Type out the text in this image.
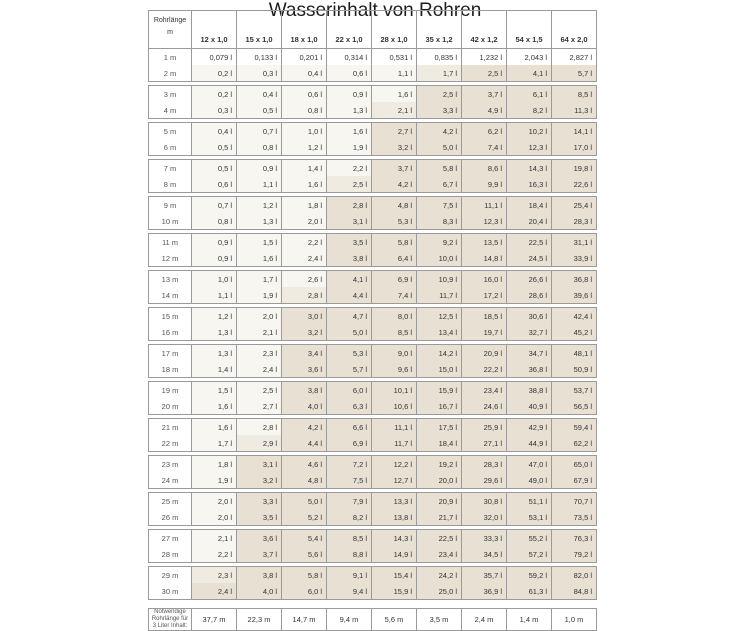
Wasserinhalt von Rohren
Rohrlänge
m	12 x 1,0	15 x 1,0	18 x 1,0	22 x 1,0	28 x 1,0	35 x 1,2	42 x 1,2	54 x 1,5	64 x 2,0
1 m	0,079 l	0,133 l	0,201 l	0,314 l	0,531 l	0,835 l	1,232 l	2,043 l	2,827 l

2 m	0,2 l	0,3 l	0,4 l	0,6 l	1,1 l	1,7 l	2,5 l	4,1 l	5,7 l

3 m	0,2 l	0,4 l	0,6 l	0,9 l	1,6 l	2,5 l	3,7 l	6,1 l	8,5 l

4 m	0,3 l	0,5 l	0,8 l	1,3 l	2,1 l	3,3 l	4,9 l	8,2 l	11,3 l

5 m	0,4 l	0,7 l	1,0 l	1,6 l	2,7 l	4,2 l	6,2 l	10,2 l	14,1 l

6 m	0,5 l	0,8 l	1,2 l	1,9 l	3,2 l	5,0 l	7,4 l	12,3 l	17,0 l

7 m	0,5 l	0,9 l	1,4 l	2,2 l	3,7 l	5,8 l	8,6 l	14,3 l	19,8 l

8 m	0,6 l	1,1 l	1,6 l	2,5 l	4,2 l	6,7 l	9,9 l	16,3 l	22,6 l

9 m	0,7 l	1,2 l	1,8 l	2,8 l	4,8 l	7,5 l	11,1 l	18,4 l	25,4 l

10 m	0,8 l	1,3 l	2,0 l	3,1 l	5,3 l	8,3 l	12,3 l	20,4 l	28,3 l

11 m	0,9 l	1,5 l	2,2 l	3,5 l	5,8 l	9,2 l	13,5 l	22,5 l	31,1 l

12 m	0,9 l	1,6 l	2,4 l	3,8 l	6,4 l	10,0 l	14,8 l	24,5 l	33,9 l

13 m	1,0 l	1,7 l	2,6 l	4,1 l	6,9 l	10,9 l	16,0 l	26,6 l	36,8 l

14 m	1,1 l	1,9 l	2,8 l	4,4 l	7,4 l	11,7 l	17,2 l	28,6 l	39,6 l

15 m	1,2 l	2,0 l	3,0 l	4,7 l	8,0 l	12,5 l	18,5 l	30,6 l	42,4 l

16 m	1,3 l	2,1 l	3,2 l	5,0 l	8,5 l	13,4 l	19,7 l	32,7 l	45,2 l

17 m	1,3 l	2,3 l	3,4 l	5,3 l	9,0 l	14,2 l	20,9 l	34,7 l	48,1 l

18 m	1,4 l	2,4 l	3,6 l	5,7 l	9,6 l	15,0 l	22,2 l	36,8 l	50,9 l

19 m	1,5 l	2,5 l	3,8 l	6,0 l	10,1 l	15,9 l	23,4 l	38,8 l	53,7 l

20 m	1,6 l	2,7 l	4,0 l	6,3 l	10,6 l	16,7 l	24,6 l	40,9 l	56,5 l

21 m	1,6 l	2,8 l	4,2 l	6,6 l	11,1 l	17,5 l	25,9 l	42,9 l	59,4 l

22 m	1,7 l	2,9 l	4,4 l	6,9 l	11,7 l	18,4 l	27,1 l	44,9 l	62,2 l

23 m	1,8 l	3,1 l	4,6 l	7,2 l	12,2 l	19,2 l	28,3 l	47,0 l	65,0 l

24 m	1,9 l	3,2 l	4,8 l	7,5 l	12,7 l	20,0 l	29,6 l	49,0 l	67,9 l

25 m	2,0 l	3,3 l	5,0 l	7,9 l	13,3 l	20,9 l	30,8 l	51,1 l	70,7 l

26 m	2,0 l	3,5 l	5,2 l	8,2 l	13,8 l	21,7 l	32,0 l	53,1 l	73,5 l

27 m	2,1 l	3,6 l	5,4 l	8,5 l	14,3 l	22,5 l	33,3 l	55,2 l	76,3 l

28 m	2,2 l	3,7 l	5,6 l	8,8 l	14,9 l	23,4 l	34,5 l	57,2 l	79,2 l

29 m	2,3 l	3,8 l	5,8 l	9,1 l	15,4 l	24,2 l	35,7 l	59,2 l	82,0 l

30 m	2,4 l	4,0 l	6,0 l	9,4 l	15,9 l	25,0 l	36,9 l	61,3 l	84,8 l

Notwendige
Rohrlänge für
3 Liter Inhalt:	37,7 m	22,3 m	14,7 m	9,4 m	5,6 m	3,5 m	2,4 m	1,4 m	1,0 m
